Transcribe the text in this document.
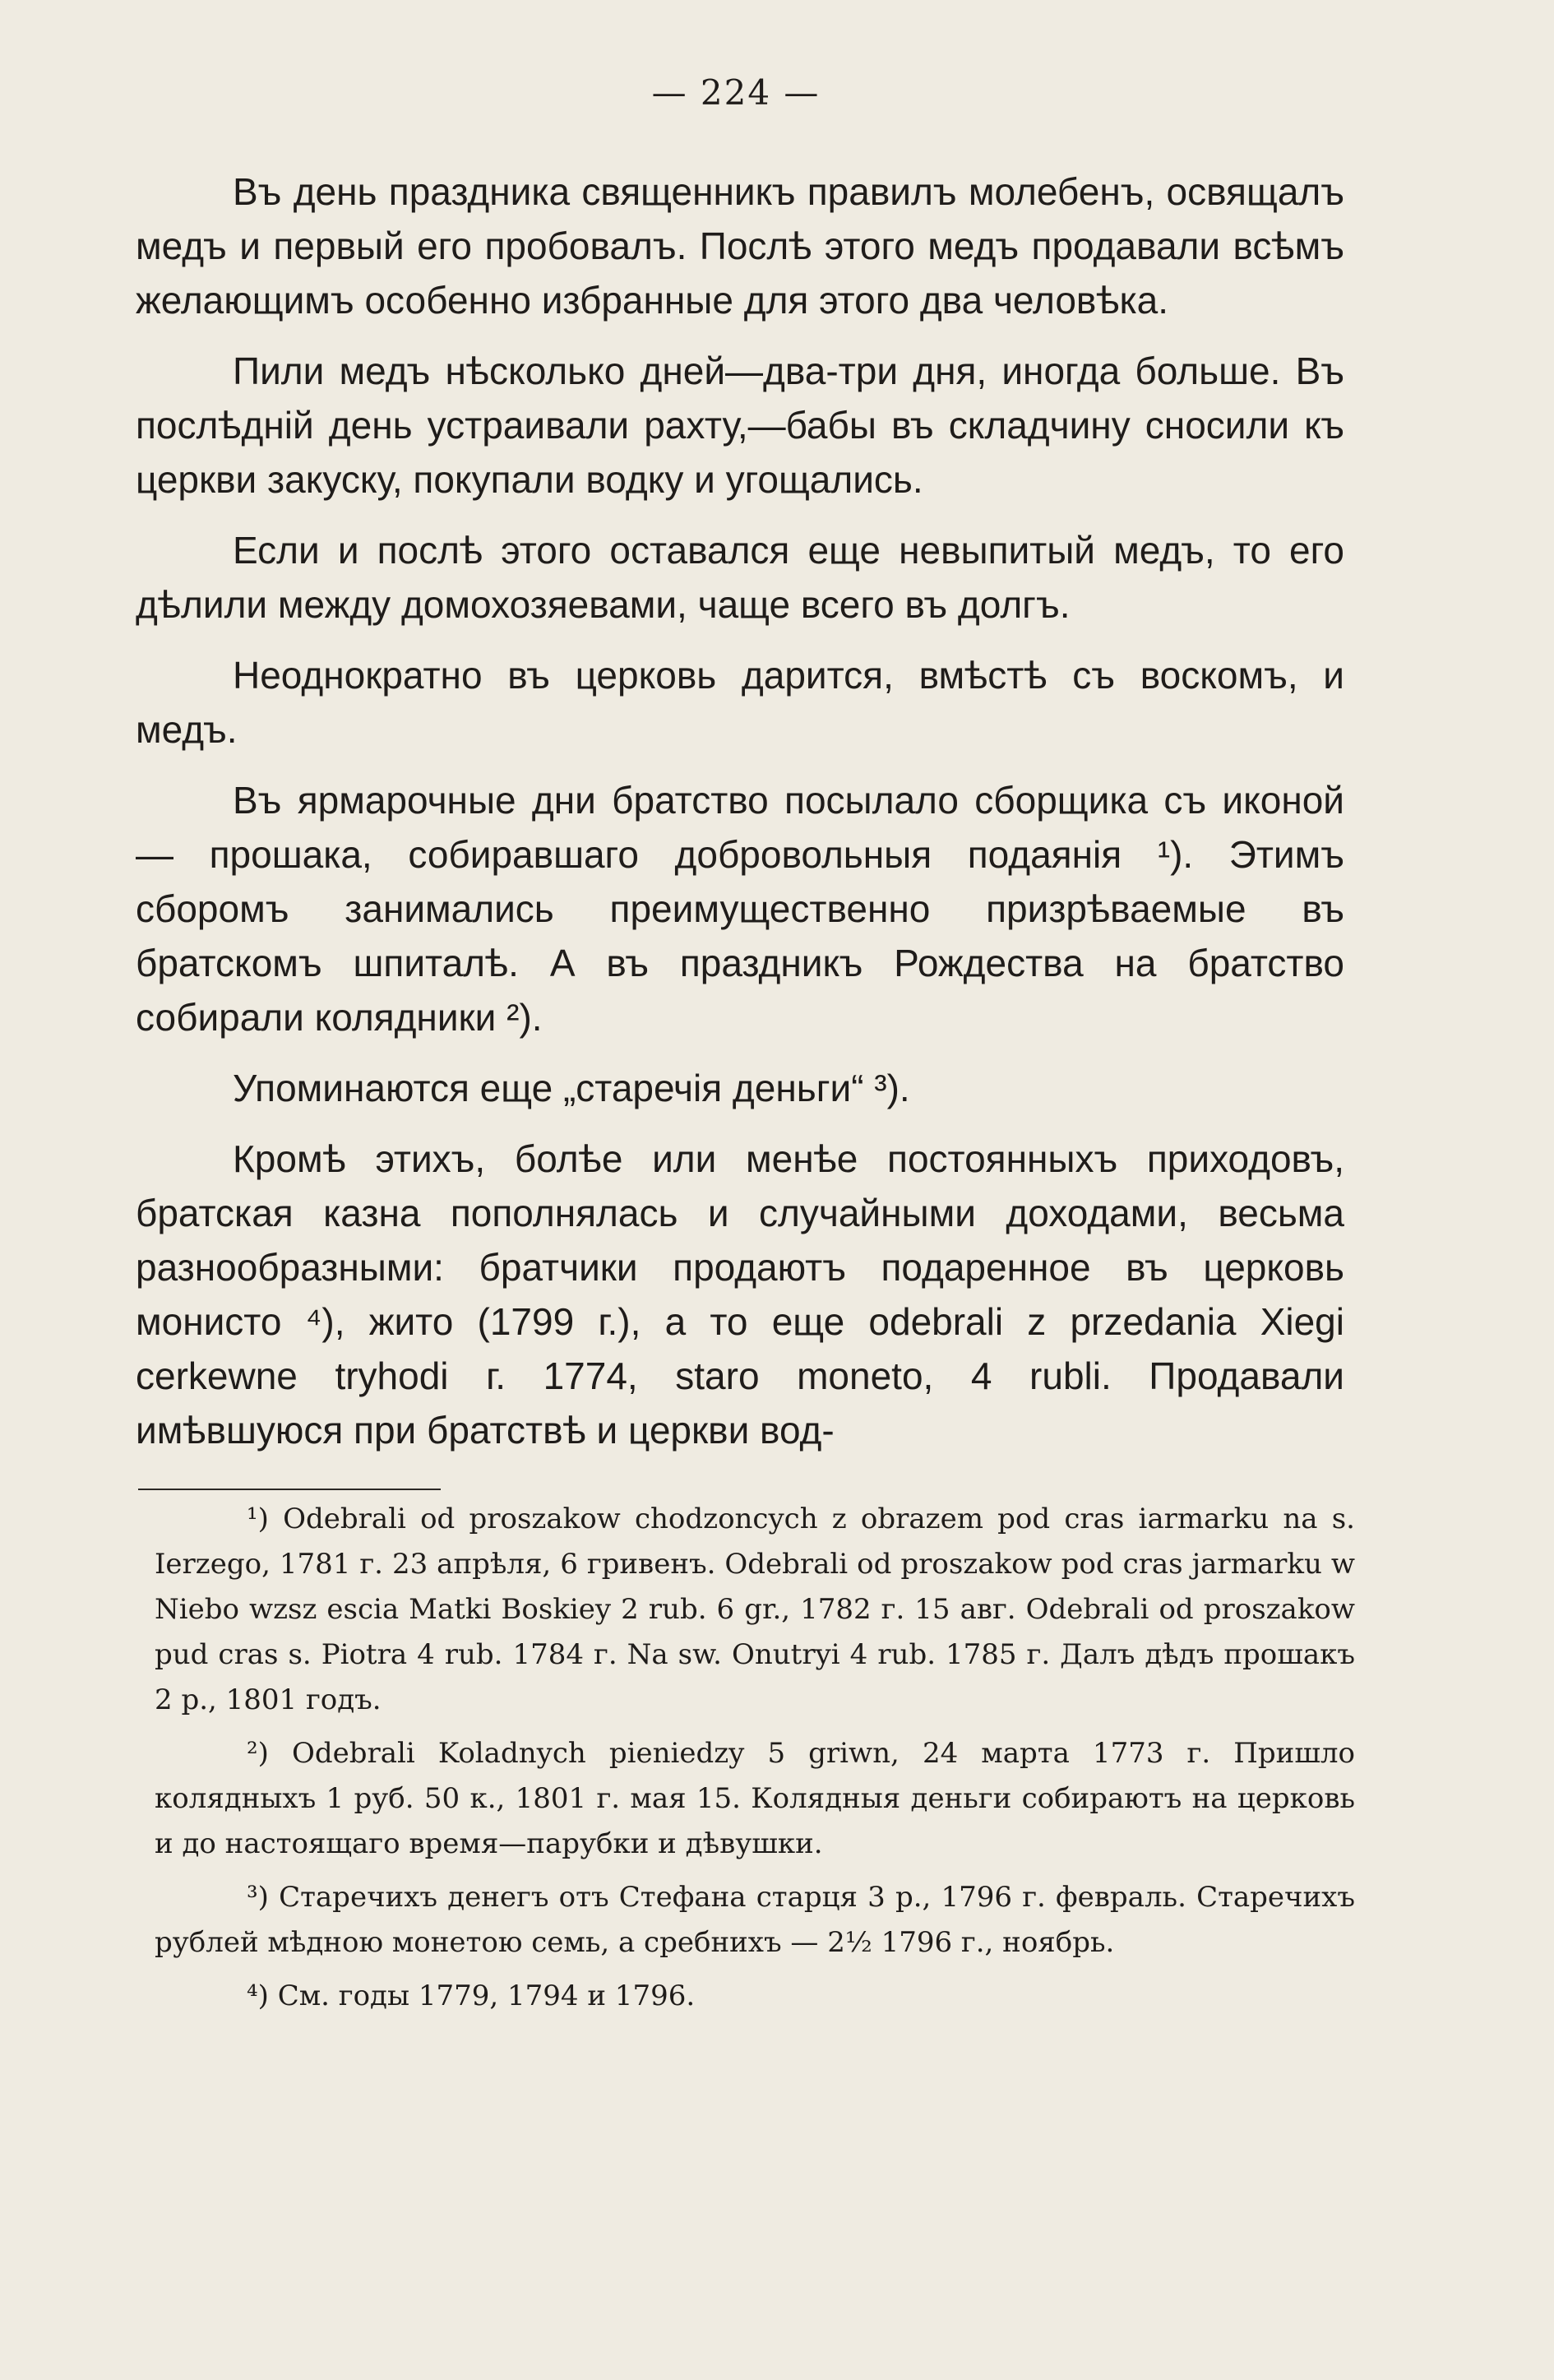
— 224 —

Въ день праздника священникъ правилъ молебенъ, освящалъ медъ и первый его пробовалъ. Послѣ этого медъ продавали всѣмъ желающимъ особенно избранные для этого два человѣка.

Пили медъ нѣсколько дней—два-три дня, иногда больше. Въ послѣднiй день устраивали рахту,—бабы въ складчину сносили къ церкви закуску, покупали водку и угощались.

Если и послѣ этого оставался еще невыпитый медъ, то его дѣлили между домохозяевами, чаще всего въ долгъ.

Неоднократно въ церковь дарится, вмѣстѣ съ воскомъ, и медъ.

Въ ярмарочные дни братство посылало сборщика съ иконой — прошака, собиравшаго добровольныя подаянiя ¹). Этимъ сборомъ занимались преимущественно призрѣваемые въ братскомъ шпиталѣ. А въ праздникъ Рождества на братство собирали колядники ²).

Упоминаются еще „старечiя деньги“ ³).

Кромѣ этихъ, болѣе или менѣе постоянныхъ приходовъ, братская казна пополнялась и случайными доходами, весьма разнообразными: братчики продаютъ подаренное въ церковь монисто ⁴), жито (1799 г.), а то еще odebrali z przedania Xiegi cerkewne tryhodi г. 1774, staro moneto, 4 rubli. Продавали имѣвшуюся при братствѣ и церкви вод-

¹) Odebrali od proszakow chodzoncych z obrazem pod cras iarmarku na s. Ierzego, 1781 г. 23 апрѣля, 6 гривенъ. Odebrali od proszakow pod cras jarmarku w Niebo wzsz escia Matki Boskiey 2 rub. 6 gr., 1782 г. 15 авг. Odebrali od proszakow pud cras s. Piotra 4 rub. 1784 г. Na sw. Onutryi 4 rub. 1785 г. Далъ дѣдъ прошакъ 2 р., 1801 годъ.

²) Odebrali Koladnych pieniedzy 5 griwn, 24 марта 1773 г. Пришло колядныхъ 1 руб. 50 к., 1801 г. мая 15. Колядныя деньги собираютъ на церковь и до настоящаго время—парубки и дѣвушки.

³) Старечихъ денегъ отъ Стефана старця 3 р., 1796 г. февраль. Старечихъ рублей мѣдною монетою семь, а сребнихъ — 2½ 1796 г., ноябрь.

⁴) См. годы 1779, 1794 и 1796.
